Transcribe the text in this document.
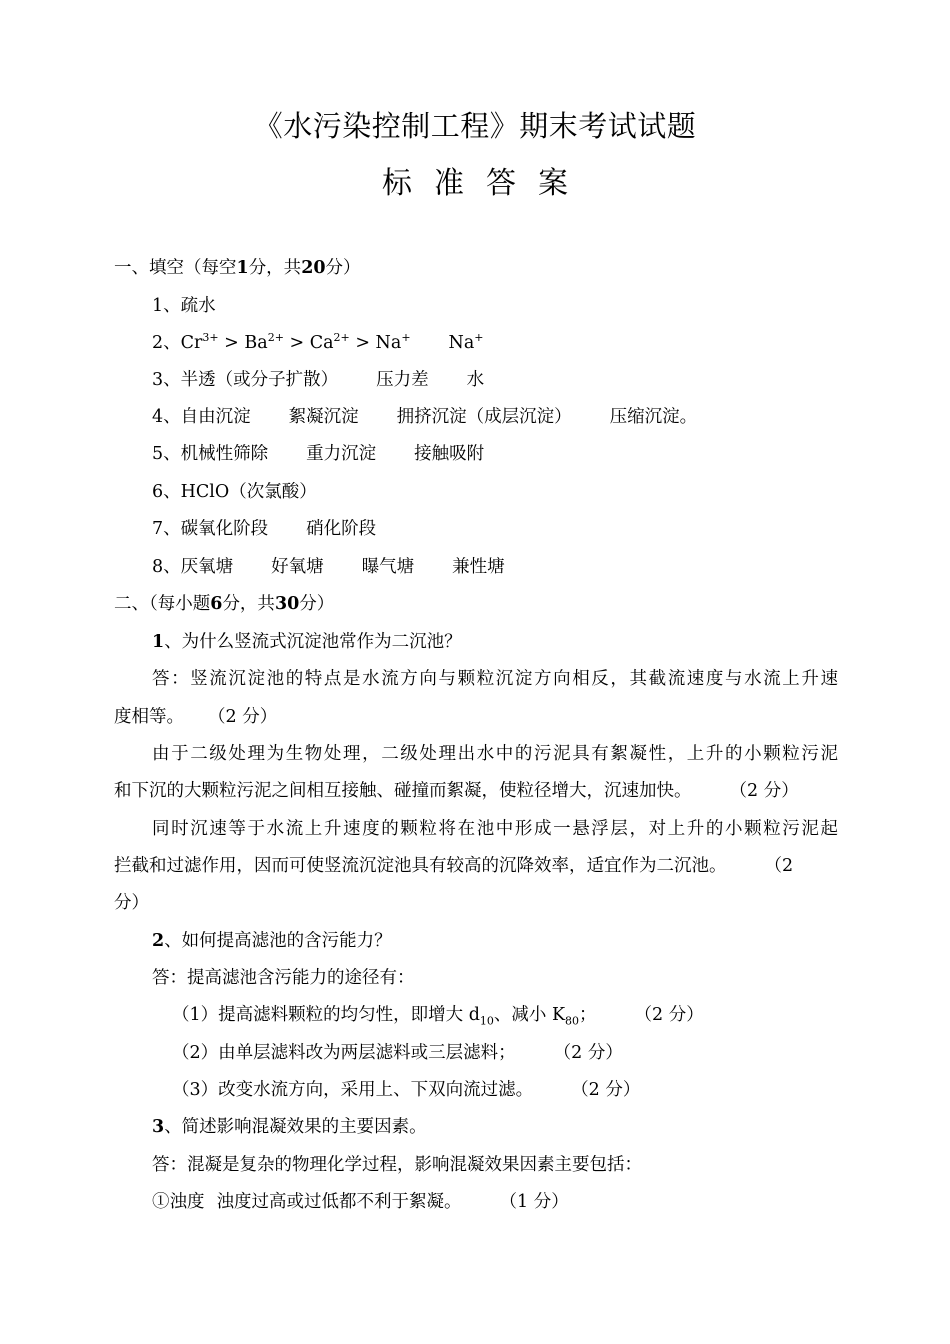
《水污染控制工程》期末考试试题
标准答案
一、填空（每空1分，共20分）
1、疏水
2、$Cr^{3+} > Ba^{2+} > Ca^{2+} > Na^+$ Na+
3、半透（或分子扩散） 压力差 水
4、自由沉淀 絮凝沉淀 拥挤沉淀（成层沉淀） 压缩沉淀。
5、机械性筛除 重力沉淀 接触吸附
6、HClO（次氯酸）
7、碳氧化阶段 硝化阶段
8、厌氧塘 好氧塘 曝气塘 兼性塘
二、（每小题6分，共30分）
1、为什么竖流式沉淀池常作为二沉池？
答：竖流沉淀池的特点是水流方向与颗粒沉淀方向相反，其截流速度与水流上升速
度相等。 （2 分）
由于二级处理为生物处理，二级处理出水中的污泥具有絮凝性，上升的小颗粒污泥
和下沉的大颗粒污泥之间相互接触、碰撞而絮凝，使粒径增大，沉速加快。 （2 分）
同时沉速等于水流上升速度的颗粒将在池中形成一悬浮层，对上升的小颗粒污泥起
拦截和过滤作用，因而可使竖流沉淀池具有较高的沉降效率，适宜作为二沉池。 （2
分）
2、如何提高滤池的含污能力？
答：提高滤池含污能力的途径有：
（1）提高滤料颗粒的均匀性，即增大 $d_{10}$、减小 $K_{80}$； （2 分）
（2）由单层滤料改为两层滤料或三层滤料； （2 分）
（3）改变水流方向，采用上、下双向流过滤。 （2 分）
3、简述影响混凝效果的主要因素。
答：混凝是复杂的物理化学过程，影响混凝效果因素主要包括：
①浊度 浊度过高或过低都不利于絮凝。 （1 分）
